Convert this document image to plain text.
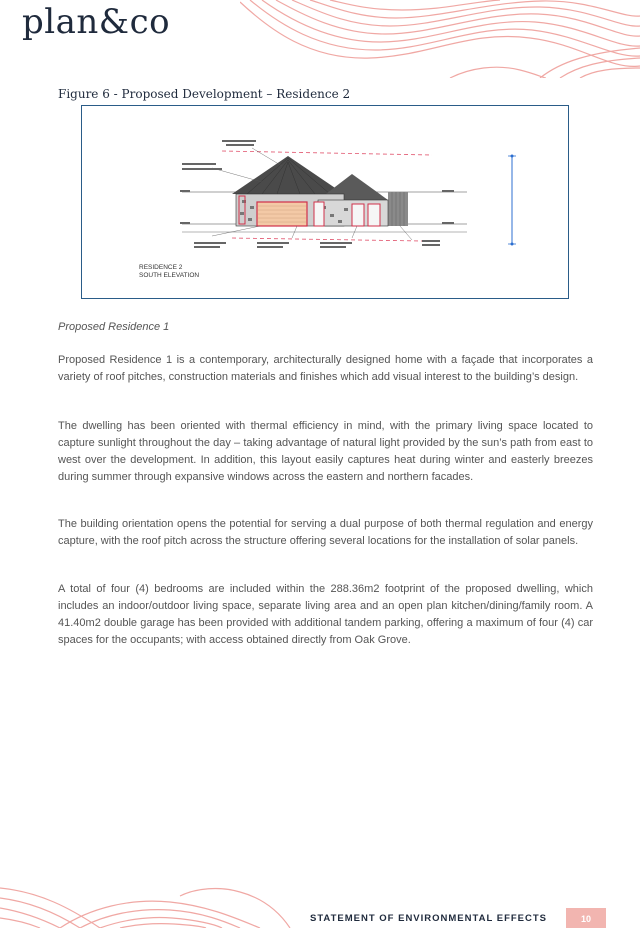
plan&co
Figure 6 - Proposed Development – Residence 2
RESIDENCE 2
SOUTH ELEVATION
Proposed Residence 1

Proposed Residence 1 is a contemporary, architecturally designed home with a façade that incorporates a variety of roof pitches, construction materials and finishes which add visual interest to the building’s design.

The dwelling has been oriented with thermal efficiency in mind, with the primary living space located to capture sunlight throughout the day – taking advantage of natural light provided by the sun’s path from east to west over the development. In addition, this layout easily captures heat during winter and easterly breezes during summer through expansive windows across the eastern and northern facades.

The building orientation opens the potential for serving a dual purpose of both thermal regulation and energy capture, with the roof pitch across the structure offering several locations for the installation of solar panels.

A total of four (4) bedrooms are included within the 288.36m2 footprint of the proposed dwelling, which includes an indoor/outdoor living space, separate living area and an open plan kitchen/dining/family room. A 41.40m2 double garage has been provided with additional tandem parking, offering a maximum of four (4) car spaces for the occupants; with access obtained directly from Oak Grove.

STATEMENT OF ENVIRONMENTAL EFFECTS	10
